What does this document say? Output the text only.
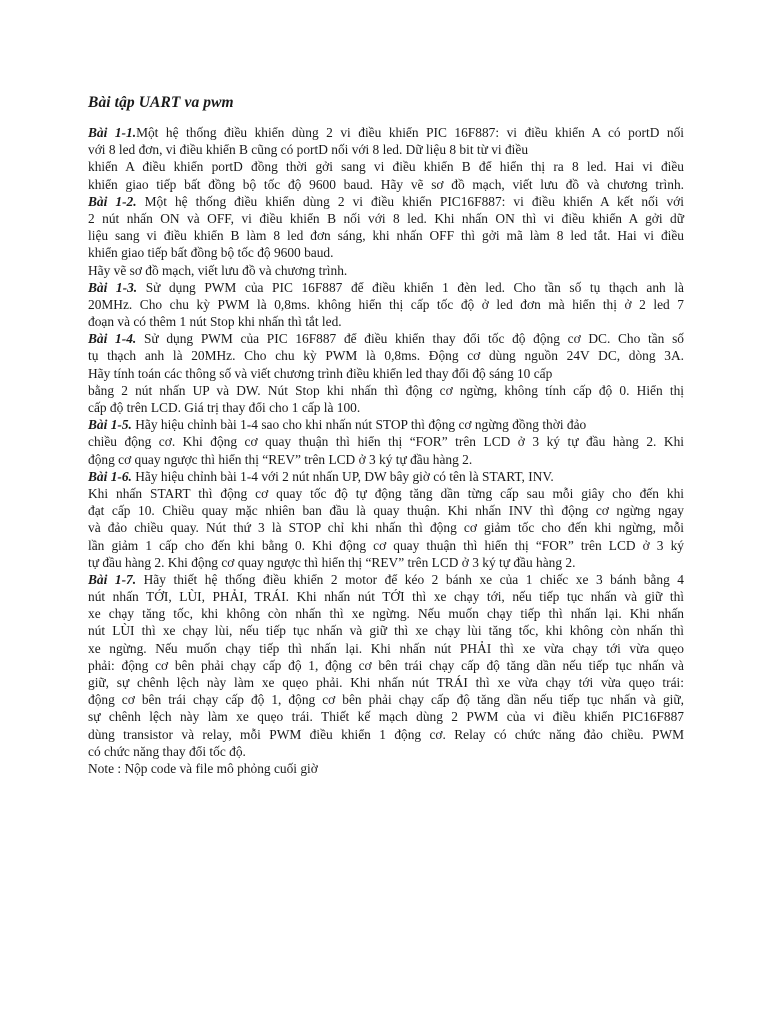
Bài tập UART va pwm
Bài 1-1.Một hệ thống điều khiển dùng 2 vi điều khiển PIC 16F887: vi điều khiển A có portD nối
với 8 led đơn, vi điều khiển B cũng có portD nối với 8 led. Dữ liệu 8 bit từ vi điều
khiển A điều khiển portD đồng thời gởi sang vi điều khiển B để hiển thị ra 8 led. Hai vi điều
khiển giao tiếp bất đồng bộ tốc độ 9600 baud. Hãy vẽ sơ đồ mạch, viết lưu đồ và chương trình.
Bài 1-2. Một hệ thống điều khiển dùng 2 vi điều khiển PIC16F887: vi điều khiển A kết nối với
2 nút nhấn ON và OFF, vi điều khiển B nối với 8 led. Khi nhấn ON thì vi điều khiển A gởi dữ
liệu sang vi điều khiển B làm 8 led đơn sáng, khi nhấn OFF thì gởi mã làm 8 led tắt. Hai vi điều
khiển giao tiếp bất đồng bộ tốc độ 9600 baud.
Hãy vẽ sơ đồ mạch, viết lưu đồ và chương trình.
Bài 1-3. Sử dụng PWM của PIC 16F887 để điều khiển 1 đèn led. Cho tần số tụ thạch anh là
20MHz. Cho chu kỳ PWM là 0,8ms. không hiển thị cấp tốc độ ở led đơn mà hiển thị ở 2 led 7
đoạn và có thêm 1 nút Stop khi nhấn thì tắt led.
Bài 1-4. Sử dụng PWM của PIC 16F887 để điều khiển thay đổi tốc độ động cơ DC. Cho tần số
tụ thạch anh là 20MHz. Cho chu kỳ PWM là 0,8ms. Động cơ dùng nguồn 24V DC, dòng 3A.
Hãy tính toán các thông số và viết chương trình điều khiển led thay đổi độ sáng 10 cấp
bằng 2 nút nhấn UP và DW. Nút Stop khi nhấn thì động cơ ngừng, không tính cấp độ 0. Hiển thị
cấp độ trên LCD. Giá trị thay đổi cho 1 cấp là 100.
Bài 1-5. Hãy hiệu chỉnh bài 1-4 sao cho khi nhấn nút STOP thì động cơ ngừng đồng thời đảo
chiều động cơ. Khi động cơ quay thuận thì hiển thị “FOR” trên LCD ở 3 ký tự đầu hàng 2. Khi
động cơ quay ngược thì hiển thị “REV” trên LCD ở 3 ký tự đầu hàng 2.
Bài 1-6. Hãy hiệu chỉnh bài 1-4 với 2 nút nhấn UP, DW bây giờ có tên là START, INV.
Khi nhấn START thì động cơ quay tốc độ tự động tăng dần từng cấp sau mỗi giây cho đến khi
đạt cấp 10. Chiều quay mặc nhiên ban đầu là quay thuận. Khi nhấn INV thì động cơ ngừng ngay
và đảo chiều quay. Nút thứ 3 là STOP chỉ khi nhấn thì động cơ giảm tốc cho đến khi ngừng, mỗi
lần giảm 1 cấp cho đến khi bằng 0. Khi động cơ quay thuận thì hiển thị “FOR” trên LCD ở 3 ký
tự đầu hàng 2. Khi động cơ quay ngược thì hiển thị “REV” trên LCD ở 3 ký tự đầu hàng 2.
Bài 1-7. Hãy thiết hệ thống điều khiển 2 motor để kéo 2 bánh xe của 1 chiếc xe 3 bánh bằng 4
nút nhấn TỚI, LÙI, PHẢI, TRÁI. Khi nhấn nút TỚI thì xe chạy tới, nếu tiếp tục nhấn và giữ thì
xe chạy tăng tốc, khi không còn nhấn thì xe ngừng. Nếu muốn chạy tiếp thì nhấn lại. Khi nhấn
nút LÙI thì xe chạy lùi, nếu tiếp tục nhấn và giữ thì xe chạy lùi tăng tốc, khi không còn nhấn thì
xe ngừng. Nếu muốn chạy tiếp thì nhấn lại. Khi nhấn nút PHẢI thì xe vừa chạy tới vừa quẹo
phải: động cơ bên phải chạy cấp độ 1, động cơ bên trái chạy cấp độ tăng dần nếu tiếp tục nhấn và
giữ, sự chênh lệch này làm xe quẹo phải. Khi nhấn nút TRÁI thì xe vừa chạy tới vừa quẹo trái:
động cơ bên trái chạy cấp độ 1, động cơ bên phải chạy cấp độ tăng dần nếu tiếp tục nhấn và giữ,
sự chênh lệch này làm xe quẹo trái. Thiết kế mạch dùng 2 PWM của vi điều khiển PIC16F887
dùng transistor và relay, mỗi PWM điều khiển 1 động cơ. Relay có chức năng đảo chiều. PWM
có chức năng thay đổi tốc độ.
Note : Nộp code và file mô phỏng cuối giờ
